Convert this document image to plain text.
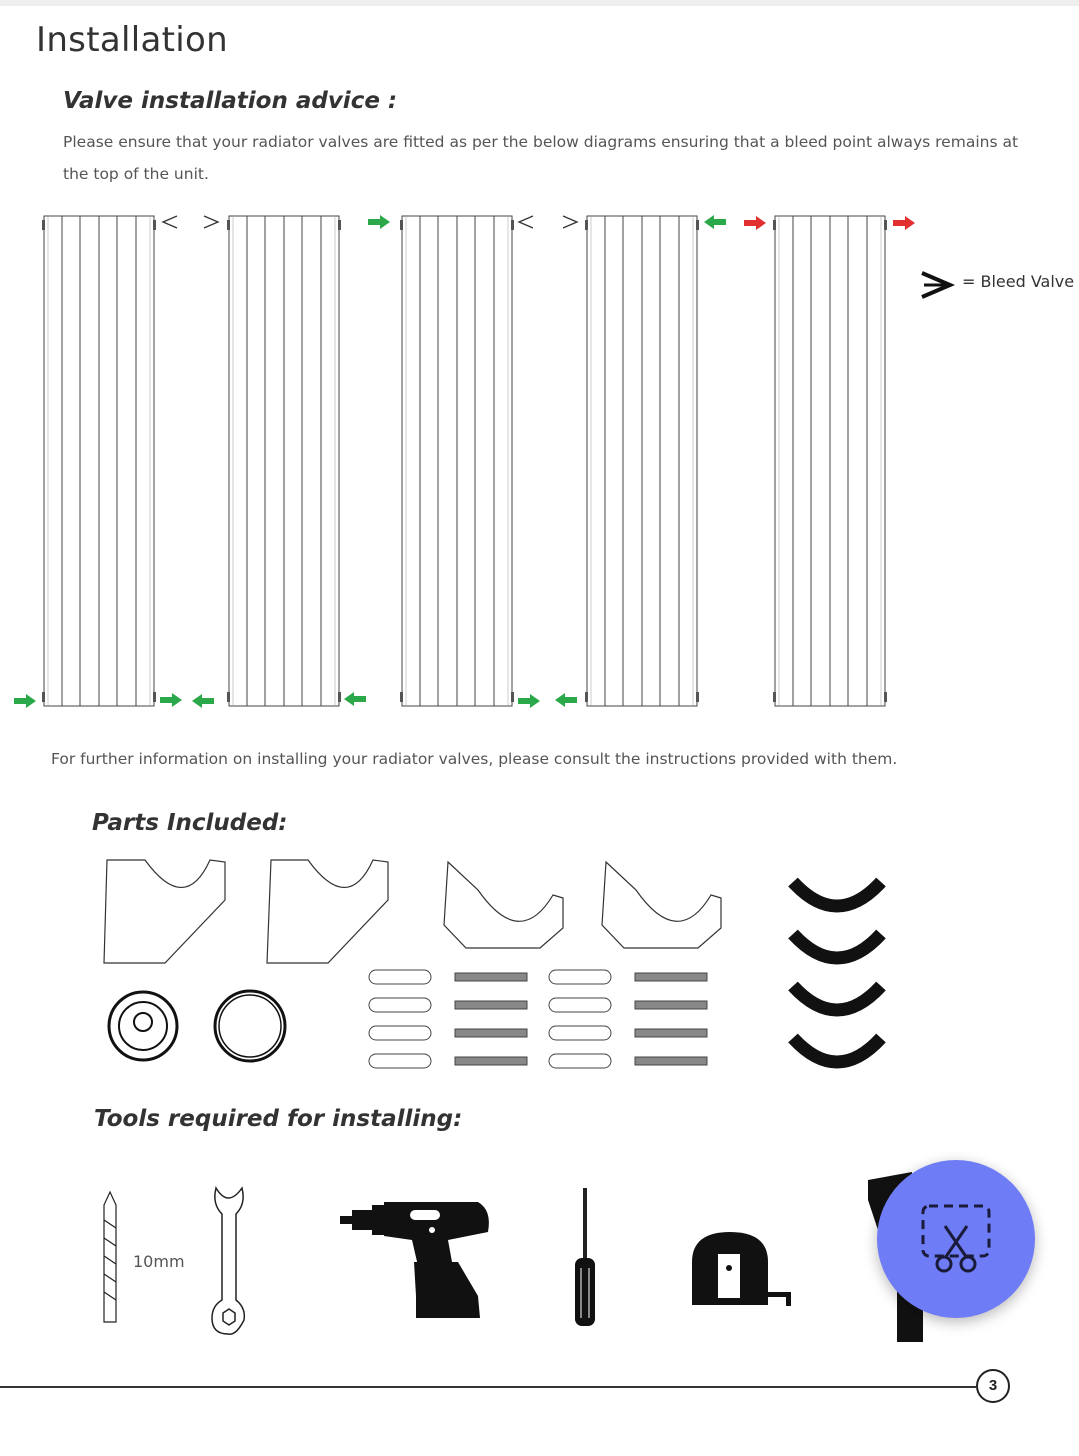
Installation
Valve installation advice :
Please ensure that your radiator valves are fitted as per the below diagrams ensuring that a bleed point always remains at the top of the unit.
= Bleed Valve
For further information on installing your radiator valves, please consult the instructions provided with them.
Parts Included:
Tools required for installing:
10mm
3
